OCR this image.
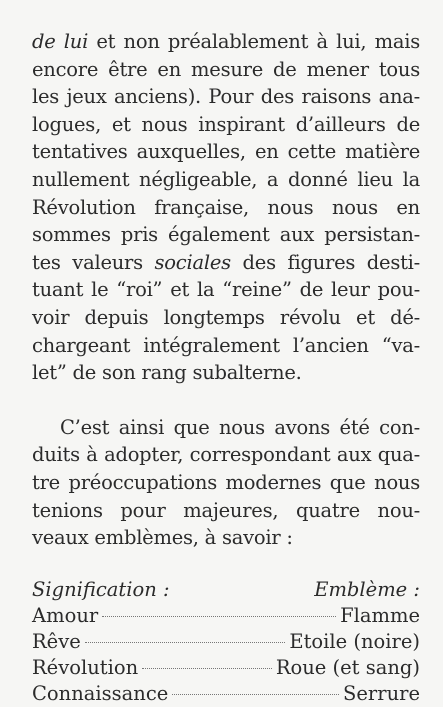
de lui et non préalablement à lui, mais
encore être en mesure de mener tous
les jeux anciens). Pour des raisons ana-
logues, et nous inspirant d’ailleurs de
tentatives auxquelles, en cette matière
nullement négligeable, a donné lieu la
Révolution française, nous nous en
sommes pris également aux persistan-
tes valeurs sociales des figures desti-
tuant le “roi” et la “reine” de leur pou-
voir depuis longtemps révolu et dé-
chargeant intégralement l’ancien “va-
let” de son rang subalterne.

C’est ainsi que nous avons été con-
duits à adopter, correspondant aux qua-
tre préoccupations modernes que nous
tenions pour majeures, quatre nou-
veaux emblèmes, à savoir :

Signification :	Emblème :
Amour	Flamme
Rêve	Etoile (noire)
Révolution	Roue (et sang)
Connaissance	Serrure
